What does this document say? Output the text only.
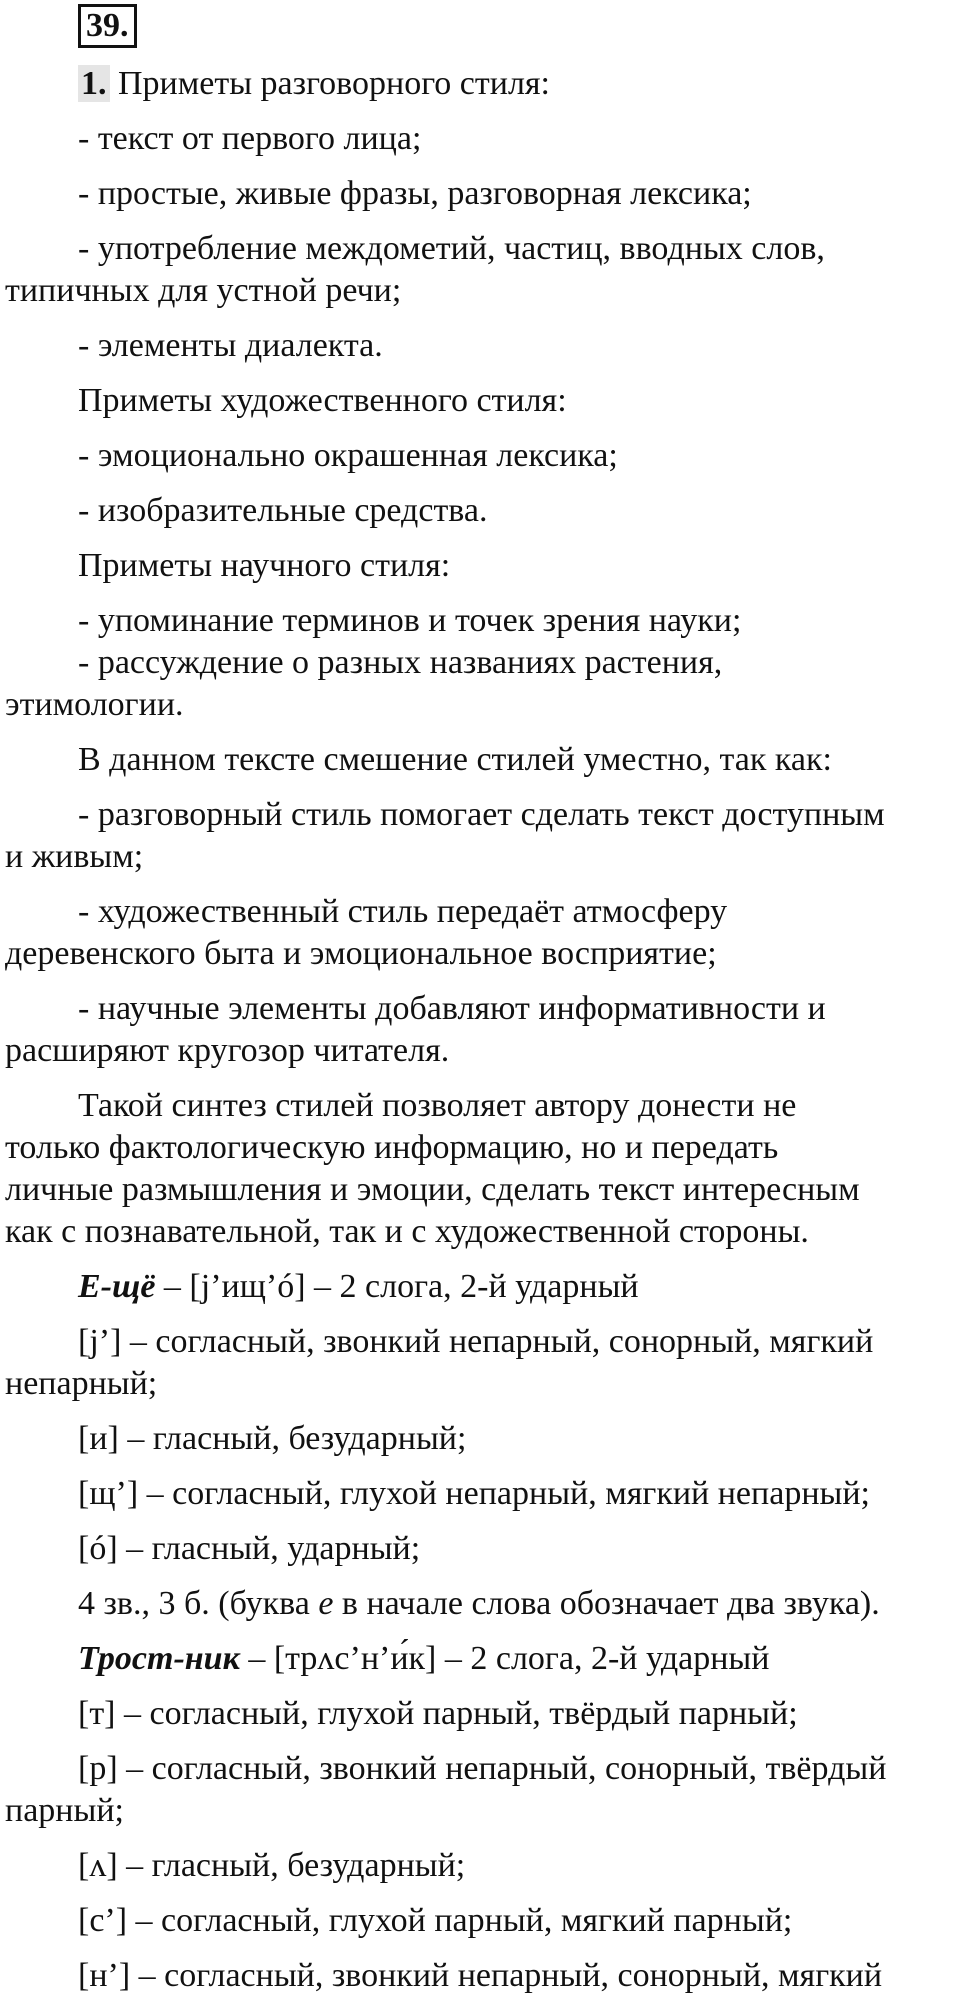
39.

1. Приметы разговорного стиля:

- текст от первого лица;

- простые, живые фразы, разговорная лексика;

- употребление междометий, частиц, вводных слов,

типичных для устной речи;

- элементы диалекта.

Приметы художественного стиля:

- эмоционально окрашенная лексика;

- изобразительные средства.

Приметы научного стиля:

- упоминание терминов и точек зрения науки;

- рассуждение о разных названиях растения,

этимологии.

В данном тексте смешение стилей уместно, так как:

- разговорный стиль помогает сделать текст доступным

и живым;

- художественный стиль передаёт атмосферу

деревенского быта и эмоциональное восприятие;

- научные элементы добавляют информативности и

расширяют кругозор читателя.

Такой синтез стилей позволяет автору донести не

только фактологическую информацию, но и передать

личные размышления и эмоции, сделать текст интересным

как с познавательной, так и с художественной стороны.

Е-щё – [j’ищ’ó] – 2 слога, 2-й ударный

[j’] – согласный, звонкий непарный, сонорный, мягкий

непарный;

[и] – гласный, безударный;

[щ’] – согласный, глухой непарный, мягкий непарный;

[ó] – гласный, ударный;

4 зв., 3 б. (буква е в начале слова обозначает два звука).

Трост-ник – [трʌс’н’и́к] – 2 слога, 2-й ударный

[т] – согласный, глухой парный, твёрдый парный;

[р] – согласный, звонкий непарный, сонорный, твёрдый

парный;

[ʌ] – гласный, безударный;

[с’] – согласный, глухой парный, мягкий парный;

[н’] – согласный, звонкий непарный, сонорный, мягкий
